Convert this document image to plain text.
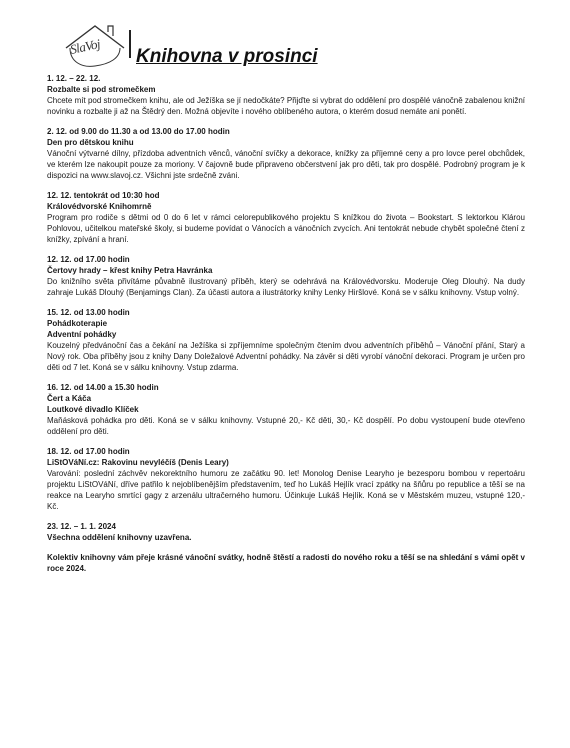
SlaVoj Knihovna v prosinci
1. 12. – 22. 12.
Rozbalte si pod stromečkem
Chcete mít pod stromečkem knihu, ale od Ježíška se jí nedočkáte? Přijďte si vybrat do oddělení pro dospělé vánočně zabalenou knižní novinku a rozbalte ji až na Štědrý den. Možná objevíte i nového oblíbeného autora, o kterém dosud nemáte ani ponětí.
2. 12. od 9.00 do 11.30 a od 13.00 do 17.00 hodin
Den pro dětskou knihu
Vánoční výtvarné dílny, přízdoba adventních věnců, vánoční svíčky a dekorace, knížky za příjemné ceny a pro lovce perel obchůdek, ve kterém lze nakoupit pouze za moriony. V čajovně bude připraveno občerstvení jak pro děti, tak pro dospělé. Podrobný program je k dispozici na www.slavoj.cz. Všichni jste srdečně zváni.
12. 12. tentokrát od 10:30 hod
Královédvorské Knihomrně
Program pro rodiče s dětmi od 0 do 6 let v rámci celorepublikového projektu S knížkou do života – Bookstart. S lektorkou Klárou Pohlovou, učitelkou mateřské školy, si budeme povídat o Vánocích a vánočních zvycích. Ani tentokrát nebude chybět společné čtení z knížky, zpívání a hraní.
12. 12. od 17.00 hodin
Čertovy hrady – křest knihy Petra Havránka
Do knižního světa přivítáme půvabně ilustrovaný příběh, který se odehrává na Královédvorsku. Moderuje Oleg Dlouhý. Na dudy zahraje Lukáš Dlouhý (Benjamings Clan). Za účasti autora a ilustrátorky knihy Lenky Hiršlové. Koná se v sálku knihovny. Vstup volný.
15. 12. od 13.00 hodin
Pohádkoterapie
Adventní pohádky
Kouzelný předvánoční čas a čekání na Ježíška si zpříjemníme společným čtením dvou adventních příběhů – Vánoční přání, Starý a Nový rok. Oba příběhy jsou z knihy Dany Doležalové Adventní pohádky. Na závěr si děti vyrobí vánoční dekoraci. Program je určen pro děti od 7 let. Koná se v sálku knihovny. Vstup zdarma.
16. 12. od 14.00 a 15.30 hodin
Čert a Káča
Loutkové divadlo Klíček
Maňásková pohádka pro děti. Koná se v sálku knihovny. Vstupné 20,- Kč děti, 30,- Kč dospělí. Po dobu vystoupení bude otevřeno oddělení pro děti.
18. 12. od 17.00 hodin
LiStOVáNí.cz: Rakovinu nevyléčíš (Denis Leary)
Varování: poslední záchvěv nekorektního humoru ze začátku 90. let! Monolog Denise Learyho je bezesporu bombou v repertoáru projektu LiStOVáNí, dříve patřilo k nejoblíbenějším představením, teď ho Lukáš Hejlík vrací zpátky na šňůru po republice a těší se na reakce na Learyho smrtící gagy z arzenálu ultračerného humoru. Účinkuje Lukáš Hejlík. Koná se v Městském muzeu, vstupné 120,- Kč.
23. 12. – 1. 1. 2024
Všechna oddělení knihovny uzavřena.
Kolektiv knihovny vám přeje krásné vánoční svátky, hodně štěstí a radosti do nového roku a těší se na shledání s vámi opět v roce 2024.
